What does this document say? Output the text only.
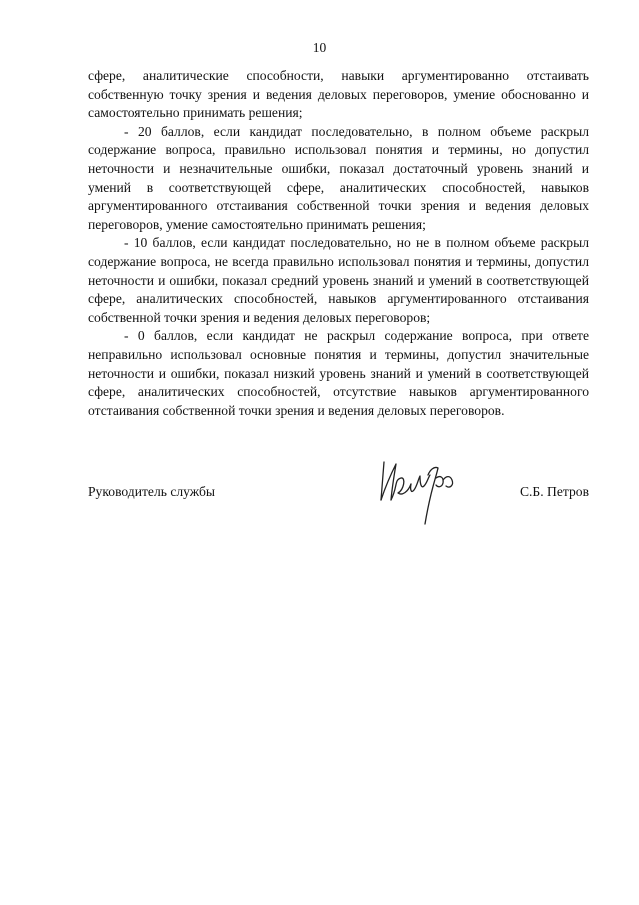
10

сфере, аналитические способности, навыки аргументированно отстаивать собственную точку зрения и ведения деловых переговоров, умение обоснованно и самостоятельно принимать решения;

- 20 баллов, если кандидат последовательно, в полном объеме раскрыл содержание вопроса, правильно использовал понятия и термины, но допустил неточности и незначительные ошибки, показал достаточный уровень знаний и умений в соответствующей сфере, аналитических способностей, навыков аргументированного отстаивания собственной точки зрения и ведения деловых переговоров, умение самостоятельно принимать решения;

- 10 баллов, если кандидат последовательно, но не в полном объеме раскрыл содержание вопроса, не всегда правильно использовал понятия и термины, допустил неточности и ошибки, показал средний уровень знаний и умений в соответствующей сфере, аналитических способностей, навыков аргументированного отстаивания собственной точки зрения и ведения деловых переговоров;

- 0 баллов, если кандидат не раскрыл содержание вопроса, при ответе неправильно использовал основные понятия и термины, допустил значительные неточности и ошибки, показал низкий уровень знаний и умений в соответствующей сфере, аналитических способностей, отсутствие навыков аргументированного отстаивания собственной точки зрения и ведения деловых переговоров.

Руководитель службы	С.Б. Петров
